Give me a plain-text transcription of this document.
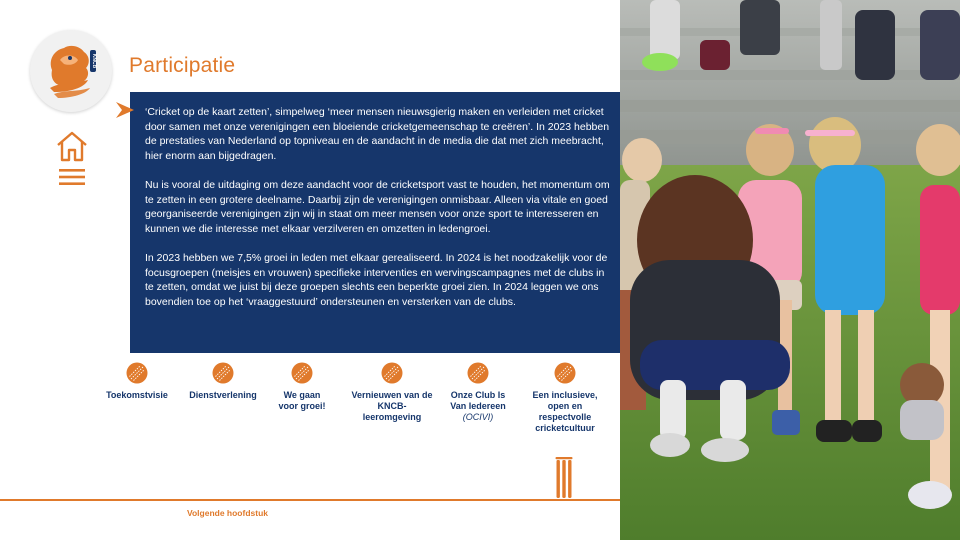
KNCB Participatie

‘Cricket op de kaart zetten’, simpelweg ‘meer mensen nieuwsgierig maken en verleiden met cricket door samen met onze verenigingen een bloeiende cricketgemeenschap te creëren’. In 2023 hebben de prestaties van Nederland op topniveau en de aandacht in de media die dat met zich meebracht, hier enorm aan bijgedragen.

Nu is vooral de uitdaging om deze aandacht voor de cricketsport vast te houden, het momentum om te zetten in een grotere deelname. Daarbij zijn de verenigingen onmisbaar. Alleen via vitale en goed georganiseerde verenigingen zijn wij in staat om meer mensen voor onze sport te interesseren en kunnen we die interesse met elkaar verzilveren en omzetten in ledengroei.

In 2023 hebben we 7,5% groei in leden met elkaar gerealiseerd. In 2024 is het noodzakelijk voor de focusgroepen (meisjes en vrouwen) specifieke interventies en wervingscampagnes met de clubs in te zetten, omdat we juist bij deze groepen slechts een beperkte groei zien. In 2024 leggen we ons bovendien toe op het ‘vraaggestuurd’ ondersteunen en versterken van de clubs.

Toekomstvisie	Dienstverlening	We gaan voor groei!
Vernieuwen van de KNCB-leeromgeving
Onze Club Is Van Iedereen
(OCIVI)
Een inclusieve, open en respectvolle cricketcultuur
Volgende hoofdstuk
